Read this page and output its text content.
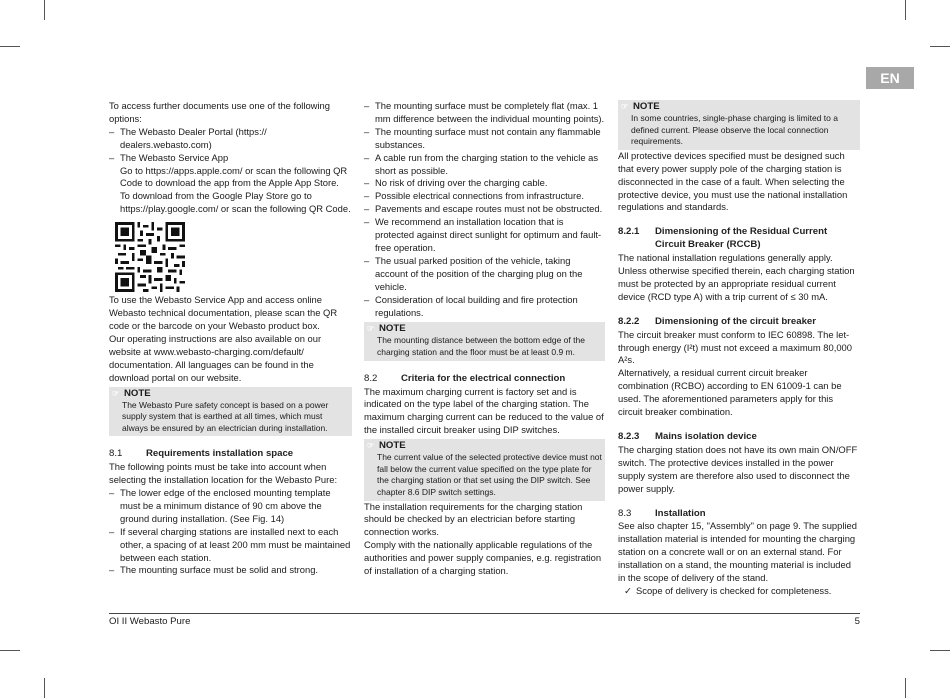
EN

To access further documents use one of the following options:

– The Webasto Dealer Portal (https:// dealers.webasto.com)
– The Webasto Service App
Go to https://apps.apple.com/ or scan the following QR Code to download the app from the Apple App Store.
To download from the Google Play Store go to https://play.google.com/ or scan the following QR Code.

To use the Webasto Service App and access online Webasto technical documentation, please scan the QR code or the barcode on your Webasto product box.

Our operating instructions are also available on our website at www.webasto-charging.com/default/ documentation. All languages can be found in the download portal on our website.

☞ NOTE
The Webasto Pure safety concept is based on a power supply system that is earthed at all times, which must always be ensured by an electrician during installation.
8.1	Requirements installation space

The following points must be take into account when selecting the installation location for the Webasto Pure:

– The lower edge of the enclosed mounting template must be a minimum distance of 90 cm above the ground during installation. (See Fig. 14)
– If several charging stations are installed next to each other, a spacing of at least 200 mm must be maintained between each station.
– The mounting surface must be solid and strong.
– The mounting surface must be completely flat (max. 1 mm difference between the individual mounting points).
– The mounting surface must not contain any flammable substances.
– A cable run from the charging station to the vehicle as short as possible.
– No risk of driving over the charging cable.
– Possible electrical connections from infrastructure.
– Pavements and escape routes must not be obstructed.
– We recommend an installation location that is protected against direct sunlight for optimum and fault-free operation.
– The usual parked position of the vehicle, taking account of the position of the charging plug on the vehicle.
– Consideration of local building and fire protection regulations.
☞ NOTE
The mounting distance between the bottom edge of the charging station and the floor must be at least 0.9 m.
8.2	Criteria for the electrical connection

The maximum charging current is factory set and is indicated on the type label of the charging station. The maximum charging current can be reduced to the value of the installed circuit breaker using DIP switches.

☞ NOTE
The current value of the selected protective device must not fall below the current value specified on the type plate for the charging station or that set using the DIP switch. See chapter 8.6 DIP switch settings.

The installation requirements for the charging station should be checked by an electrician before starting connection works.

Comply with the nationally applicable regulations of the authorities and power supply companies, e.g. registration of installation of a charging station.

☞ NOTE
In some countries, single-phase charging is limited to a defined current. Please observe the local connection requirements.

All protective devices specified must be designed such that every power supply pole of the charging station is disconnected in the case of a fault. When selecting the protective device, you must use the national installation regulations and standards.

8.2.1	Dimensioning of the Residual Current Circuit Breaker (RCCB)

The national installation regulations generally apply. Unless otherwise specified therein, each charging station must be protected by an appropriate residual current device (RCD type A) with a trip current of ≤ 30 mA.

8.2.2	Dimensioning of the circuit breaker

The circuit breaker must conform to IEC 60898. The let-through energy (I²t) must not exceed a maximum 80,000 A²s.

Alternatively, a residual current circuit breaker combination (RCBO) according to EN 61009-1 can be used. The aforementioned parameters apply for this circuit breaker combination.

8.2.3	Mains isolation device

The charging station does not have its own main ON/OFF switch. The protective devices installed in the power supply system are therefore also used to disconnect the power supply.

8.3	Installation

See also chapter 15, "Assembly" on page 9. The supplied installation material is intended for mounting the charging station on a concrete wall or on an external stand. For installation on a stand, the mounting material is included in the scope of delivery of the stand.

✓ Scope of delivery is checked for completeness.
OI II Webasto Pure	5
